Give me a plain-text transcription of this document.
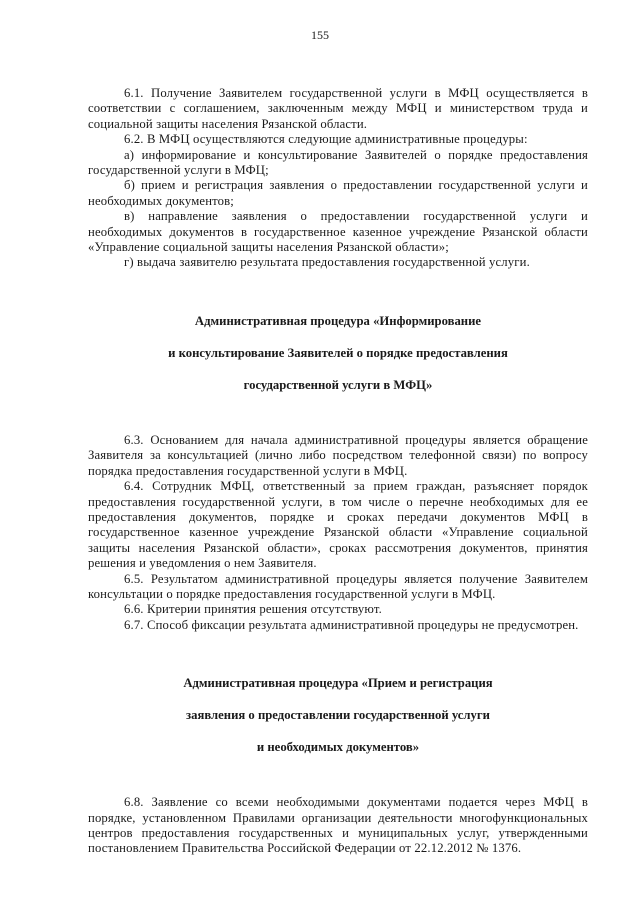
155

6.1. Получение Заявителем государственной услуги в МФЦ осуществляется в соответствии с соглашением, заключенным между МФЦ и министерством труда и социальной защиты населения Рязанской области.

6.2. В МФЦ осуществляются следующие административные процедуры:

а) информирование и консультирование Заявителей о порядке предоставления государственной услуги в МФЦ;

б) прием и регистрация заявления о предоставлении государственной услуги и необходимых документов;

в) направление заявления о предоставлении государственной услуги и необходимых документов в государственное казенное учреждение Рязанской области «Управление социальной защиты населения Рязанской области»;

г) выдача заявителю результата предоставления государственной услуги.

Административная процедура «Информирование

и консультирование Заявителей о порядке предоставления

государственной услуги в МФЦ»

6.3. Основанием для начала административной процедуры является обращение Заявителя за консультацией (лично либо посредством телефонной связи) по вопросу порядка предоставления государственной услуги в МФЦ.

6.4. Сотрудник МФЦ, ответственный за прием граждан, разъясняет порядок предоставления государственной услуги, в том числе о перечне необходимых для ее предоставления документов, порядке и сроках передачи документов МФЦ в государственное казенное учреждение Рязанской области «Управление социальной защиты населения Рязанской области», сроках рассмотрения документов, принятия решения и уведомления о нем Заявителя.

6.5. Результатом административной процедуры является получение Заявителем консультации о порядке предоставления государственной услуги в МФЦ.

6.6. Критерии принятия решения отсутствуют.

6.7. Способ фиксации результата административной процедуры не предусмотрен.

Административная процедура «Прием и регистрация

заявления о предоставлении государственной услуги

и необходимых документов»

6.8. Заявление со всеми необходимыми документами подается через МФЦ в порядке, установленном Правилами организации деятельности многофункциональных центров предоставления государственных и муниципальных услуг, утвержденными постановлением Правительства Российской Федерации от 22.12.2012 № 1376.
